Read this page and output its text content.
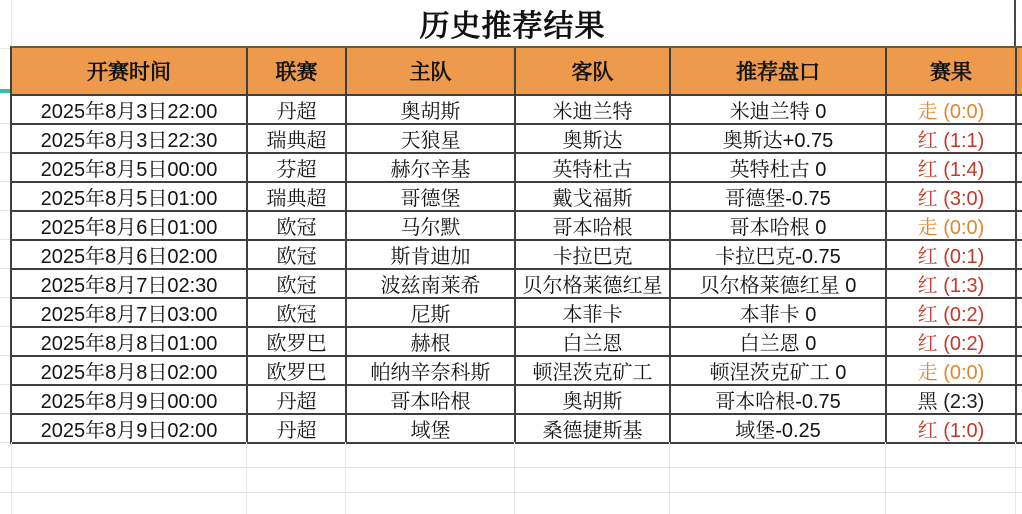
历史推荐结果
开赛时间	联赛	主队	客队	推荐盘口	赛果
2025年8月3日22:00	丹超	奥胡斯	米迪兰特	米迪兰特 0	走 (0:0)
2025年8月3日22:30	瑞典超	天狼星	奥斯达	奥斯达+0.75	红 (1:1)
2025年8月5日00:00	芬超	赫尔辛基	英特杜古	英特杜古 0	红 (1:4)
2025年8月5日01:00	瑞典超	哥德堡	戴戈福斯	哥德堡-0.75	红 (3:0)
2025年8月6日01:00	欧冠	马尔默	哥本哈根	哥本哈根 0	走 (0:0)
2025年8月6日02:00	欧冠	斯肯迪加	卡拉巴克	卡拉巴克-0.75	红 (0:1)
2025年8月7日02:30	欧冠	波兹南莱希	贝尔格莱德红星	贝尔格莱德红星 0	红 (1:3)
2025年8月7日03:00	欧冠	尼斯	本菲卡	本菲卡 0	红 (0:2)
2025年8月8日01:00	欧罗巴	赫根	白兰恩	白兰恩 0	红 (0:2)
2025年8月8日02:00	欧罗巴	帕纳辛奈科斯	顿涅茨克矿工	顿涅茨克矿工 0	走 (0:0)
2025年8月9日00:00	丹超	哥本哈根	奥胡斯	哥本哈根-0.75	黑 (2:3)
2025年8月9日02:00	丹超	域堡	桑德捷斯基	域堡-0.25	红 (1:0)
